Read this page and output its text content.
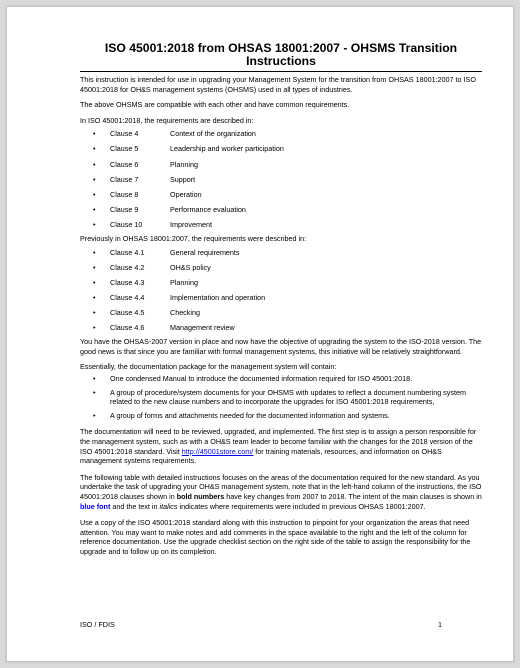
ISO 45001:2018 from OHSAS 18001:2007 - OHSMS Transition Instructions

This instruction is intended for use in upgrading your Management System for the transition from OHSAS 18001:2007 to ISO 45001:2018 for OH&S management systems (OHSMS) used in all types of industries.

The above OHSMS are compatible with each other and have common requirements.

In ISO 45001:2018, the requirements are described in:

• Clause 4	Context of the organization
• Clause 5	Leadership and worker participation
• Clause 6	Planning
• Clause 7	Support
• Clause 8	Operation
• Clause 9	Performance evaluation
• Clause 10	Improvement

Previously in OHSAS 18001:2007, the requirements were described in:

• Clause 4.1	General requirements
• Clause 4.2	OH&S policy
• Clause 4.3	Planning
• Clause 4.4	Implementation and operation
• Clause 4.5	Checking
• Clause 4.6	Management review

You have the OHSAS-2007 version in place and now have the objective of upgrading the system to the ISO-2018 version. The good news is that since you are familiar with formal management systems, this initiative will be relatively straightforward.

Essentially, the documentation package for the management system will contain:

• One condensed Manual to introduce the documented information required for ISO 45001:2018.
• A group of procedure/system documents for your OHSMS with updates to reflect a document numbering system related to the new clause numbers and to incorporate the upgrades for ISO 45001:2018 requirements,
• A group of forms and attachments needed for the documented information and systems.

The documentation will need to be reviewed, upgraded, and implemented. The first step is to assign a person responsible for the management system, such as with a OH&S team leader to become familiar with the changes for the 2018 version of the ISO 45001:2018 standard. Visit http://45001store.com/ for training materials, resources, and information on OH&S management systems requirements.

The following table with detailed instructions focuses on the areas of the documentation required for the new standard. As you undertake the task of upgrading your OH&S management system, note that in the left-hand column of the instructions, the ISO 45001:2018 clauses shown in bold numbers have key changes from 2007 to 2018. The intent of the main clauses is shown in blue font and the text in italics indicates where requirements were included in previous OHSAS 18001:2007.

Use a copy of the ISO 45001:2018 standard along with this instruction to pinpoint for your organization the areas that need attention. You may want to make notes and add comments in the space available to the right and the left of the column for reference documentation. Use the upgrade checklist section on the right side of the table to assign the responsibility for the upgrade and to follow up on its completion.

ISO / FDIS	1
